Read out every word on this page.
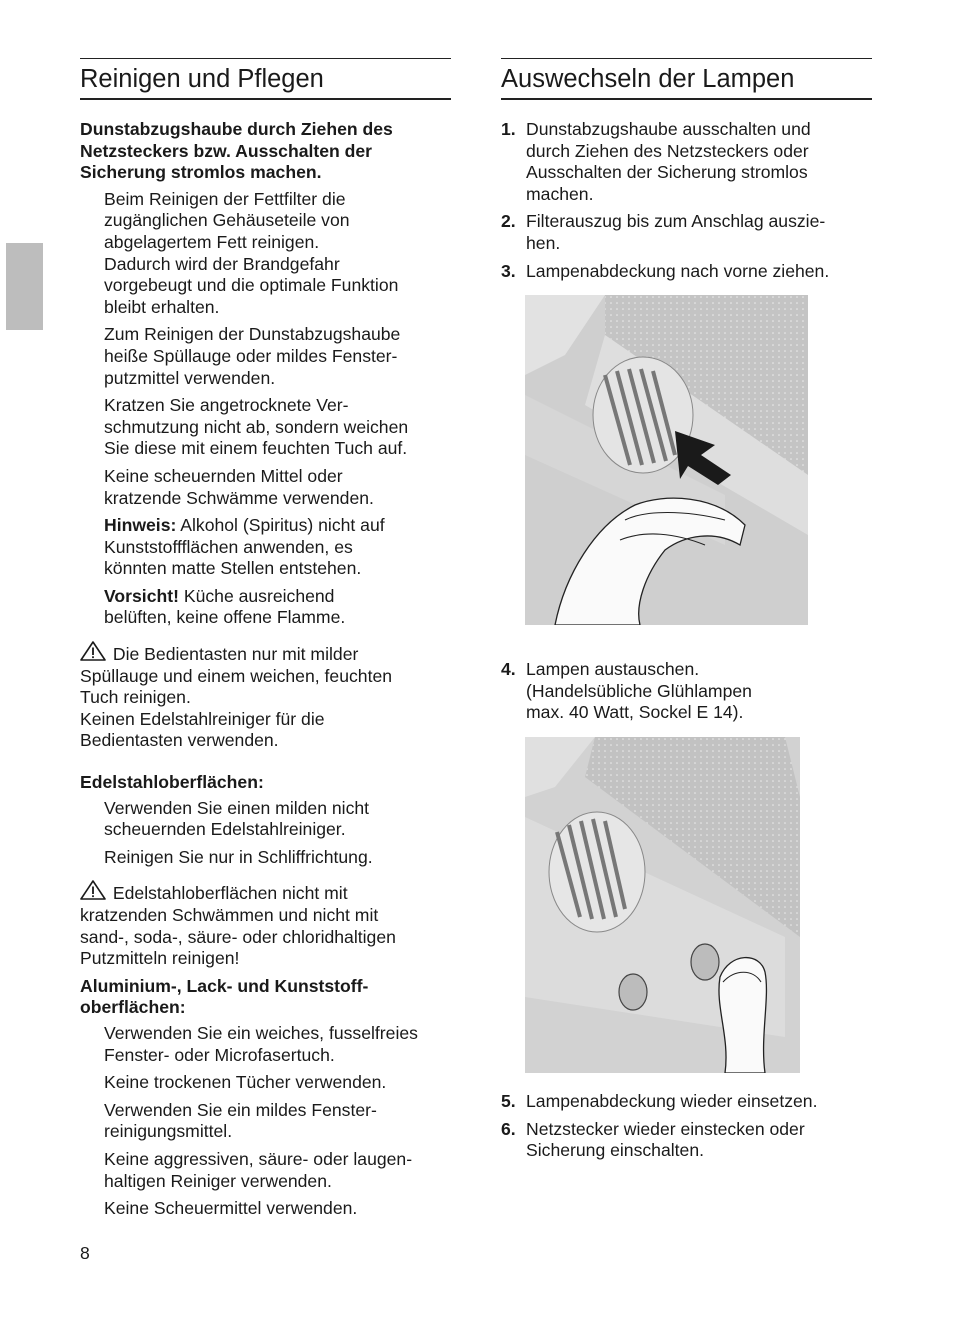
Reinigen und Pflegen

Dunstabzugshaube durch Ziehen des
Netzsteckers bzw. Ausschalten der
Sicherung stromlos machen.

Beim Reinigen der Fettfilter die
zugänglichen Gehäuseteile von
abgelagertem Fett reinigen.
Dadurch wird der Brandgefahr
vorgebeugt und die optimale Funktion
bleibt erhalten.

Zum Reinigen der Dunstabzugshaube
heiße Spüllauge oder mildes Fenster-
putzmittel verwenden.

Kratzen Sie angetrocknete Ver-
schmutzung nicht ab, sondern weichen
Sie diese mit einem feuchten Tuch auf.

Keine scheuernden Mittel oder
kratzende Schwämme verwenden.

Hinweis: Alkohol (Spiritus) nicht auf
Kunststoffflächen anwenden, es
könnten matte Stellen entstehen.

Vorsicht! Küche ausreichend
belüften, keine offene Flamme.

Die Bedientasten nur mit milder
Spüllauge und einem weichen, feuchten
Tuch reinigen.
Keinen Edelstahlreiniger für die
Bedientasten verwenden.

Edelstahloberflächen:

Verwenden Sie einen milden nicht
scheuernden Edelstahlreiniger.

Reinigen Sie nur in Schliffrichtung.

Edelstahloberflächen nicht mit
kratzenden Schwämmen und nicht mit
sand-, soda-, säure- oder chloridhaltigen
Putzmitteln reinigen!

Aluminium-, Lack- und Kunststoff-
oberflächen:

Verwenden Sie ein weiches, fusselfreies
Fenster- oder Microfasertuch.

Keine trockenen Tücher verwenden.

Verwenden Sie ein mildes Fenster-
reinigungsmittel.

Keine aggressiven, säure- oder laugen-
haltigen Reiniger verwenden.

Keine Scheuermittel verwenden.

Auswechseln der Lampen
1. Dunstabzugshaube ausschalten und
durch Ziehen des Netzsteckers oder
Ausschalten der Sicherung stromlos
machen.
2. Filterauszug bis zum Anschlag auszie-
hen.
3. Lampenabdeckung nach vorne ziehen.
4. Lampen austauschen.
(Handelsübliche Glühlampen
max. 40 Watt, Sockel E 14).
5. Lampenabdeckung wieder einsetzen.
6. Netzstecker wieder einstecken oder
Sicherung einschalten.
8
